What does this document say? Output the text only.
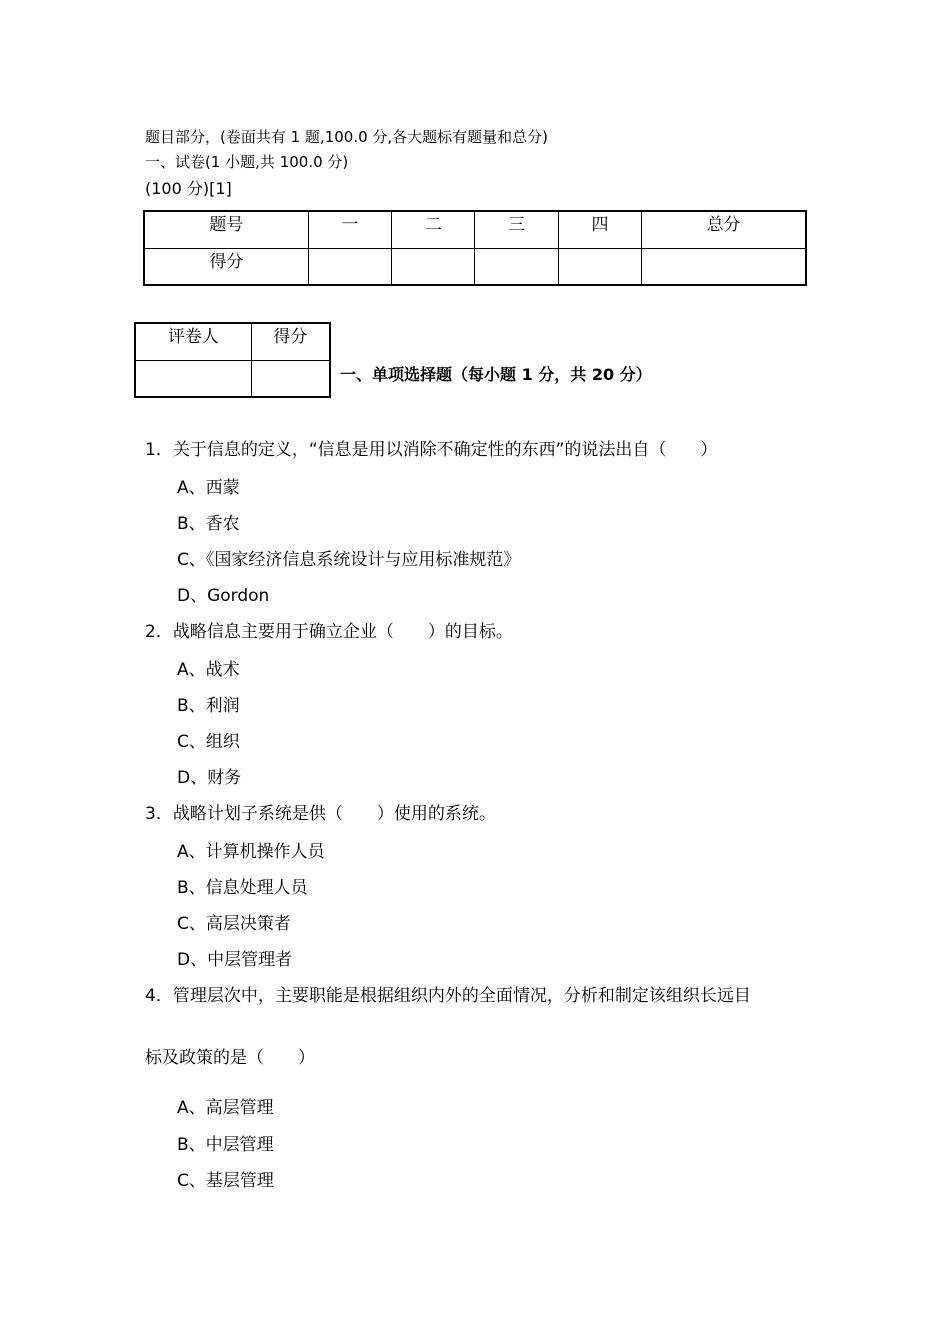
题目部分，(卷面共有 1 题,100.0 分,各大题标有题量和总分)
一、试卷(1 小题,共 100.0 分)
(100 分)[1]
题号	一	二	三	四	总分
得分					
评卷人	得分

一、单项选择题（每小题 1 分，共 20 分）
1．关于信息的定义，“信息是用以消除不确定性的东西”的说法出自（　　）
A、西蒙
B、香农
C、《国家经济信息系统设计与应用标准规范》
D、Gordon
2．战略信息主要用于确立企业（　　）的目标。
A、战术
B、利润
C、组织
D、财务
3．战略计划子系统是供（　　）使用的系统。
A、计算机操作人员
B、信息处理人员
C、高层决策者
D、中层管理者
4．管理层次中，主要职能是根据组织内外的全面情况，分析和制定该组织长远目
标及政策的是（　　）
A、高层管理
B、中层管理
C、基层管理
